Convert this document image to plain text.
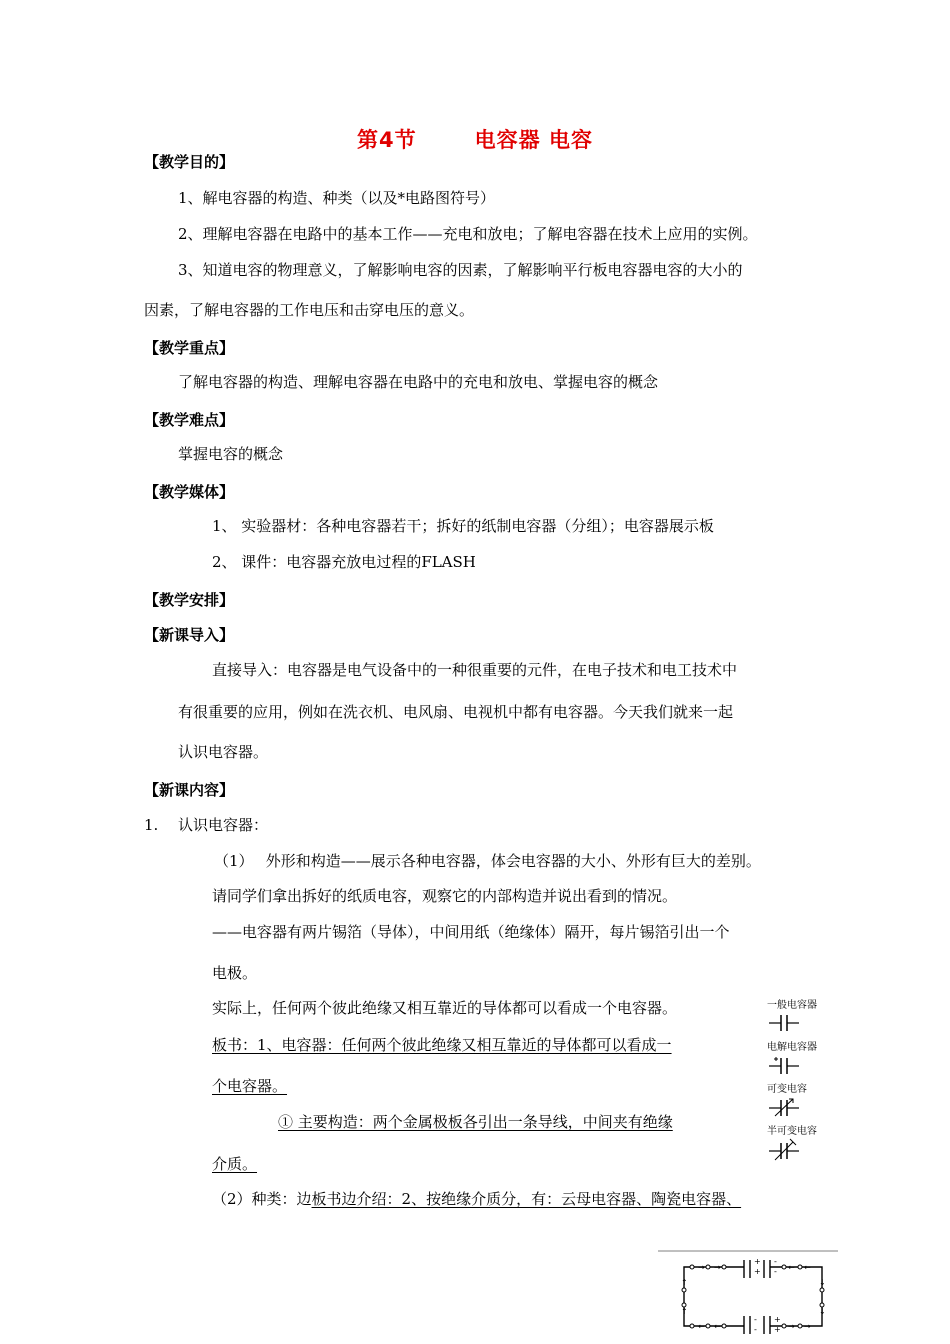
第4节	电容器 电容
【教学目的】
1、解电容器的构造、种类（以及*电路图符号）
2、理解电容器在电路中的基本工作——充电和放电；了解电容器在技术上应用的实例。
3、知道电容的物理意义，了解影响电容的因素，了解影响平行板电容器电容的大小的
因素，了解电容器的工作电压和击穿电压的意义。
【教学重点】
了解电容器的构造、理解电容器在电路中的充电和放电、掌握电容的概念
【教学难点】
掌握电容的概念
【教学媒体】
1、 实验器材：各种电容器若干；拆好的纸制电容器（分组）；电容器展示板
2、 课件：电容器充放电过程的FLASH
【教学安排】
【新课导入】
直接导入：电容器是电气设备中的一种很重要的元件，在电子技术和电工技术中
有很重要的应用，例如在洗衣机、电风扇、电视机中都有电容器。今天我们就来一起
认识电容器。
【新课内容】
1. 认识电容器：
（1）　 外形和构造——展示各种电容器，体会电容器的大小、外形有巨大的差别。
请同学们拿出拆好的纸质电容，观察它的内部构造并说出看到的情况。
——电容器有两片锡箔（导体），中间用纸（绝缘体）隔开，每片锡箔引出一个
电极。
实际上，任何两个彼此绝缘又相互靠近的导体都可以看成一个电容器。
板书：1、电容器：任何两个彼此绝缘又相互靠近的导体都可以看成一
个电容器。
① 主要构造：两个金属极板各引出一条导线，中间夹有绝缘
介质。
（2）种类：边板书边介绍：2、按绝缘介质分，有：云母电容器、陶瓷电容器、
一般电容器
电解电容器
可变电容
半可变电容
→ →
← ←
← ←
→ →
↑
↑
↓
↓
+
+
-
-
-
-
+
+
